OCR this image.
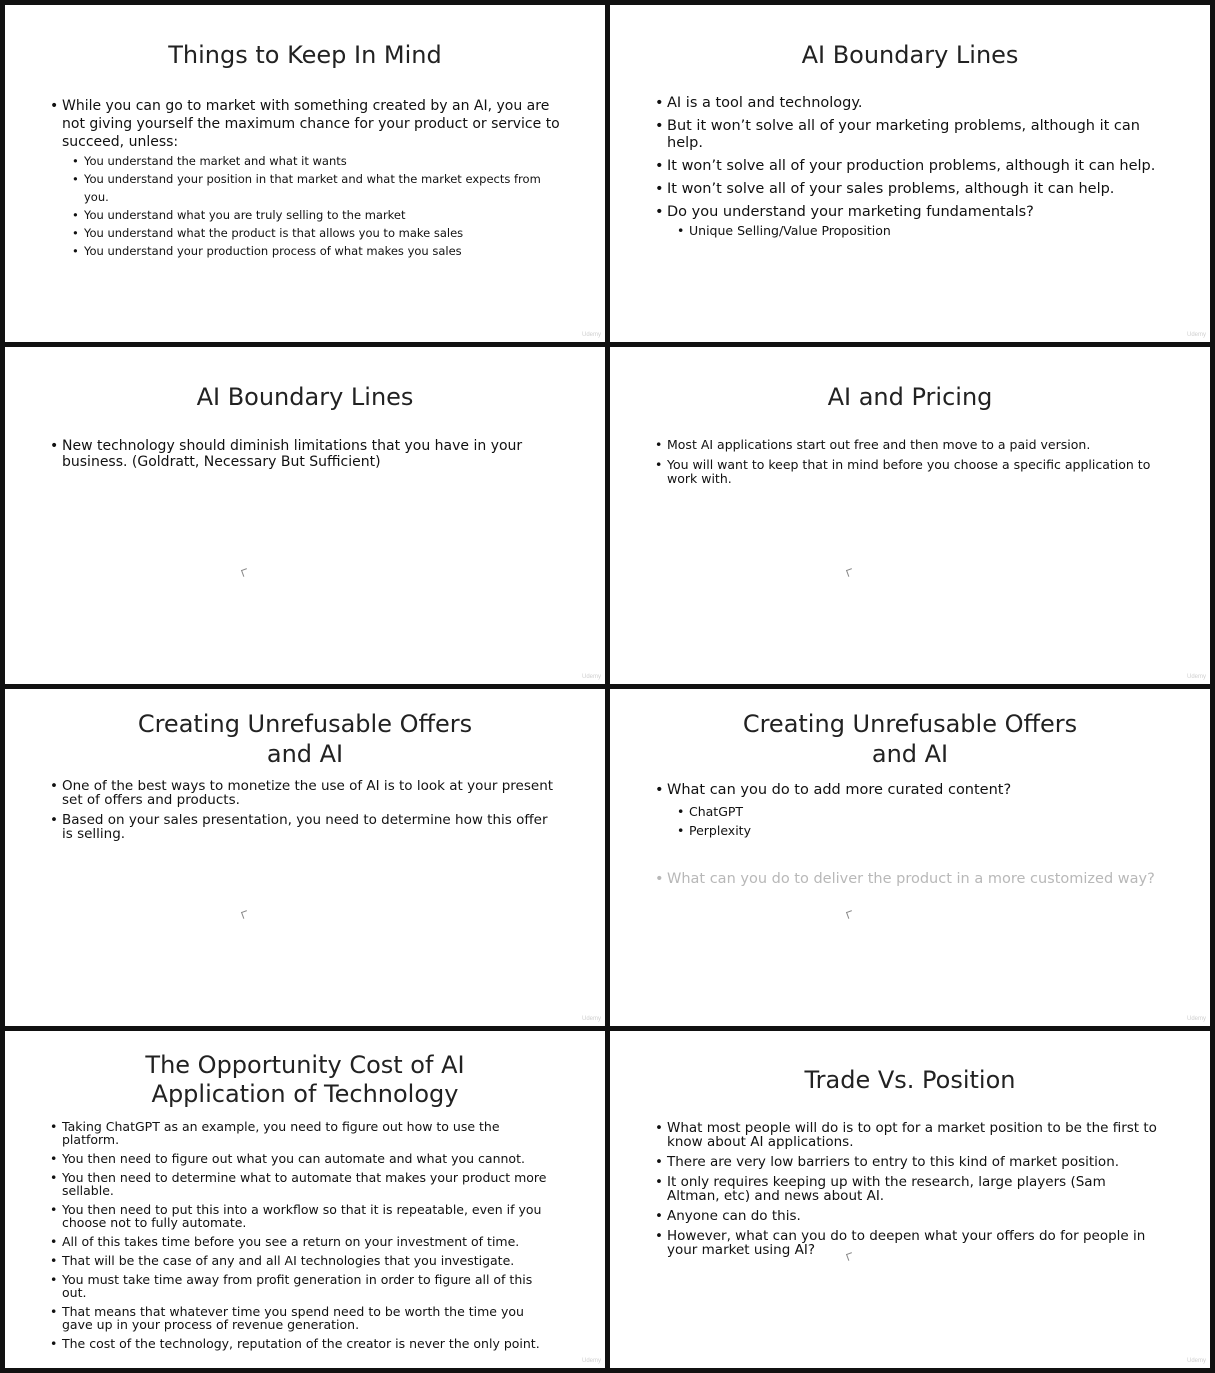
Things to Keep In Mind
• While you can go to market with something created by an AI, you are not giving yourself the maximum chance for your product or service to succeed, unless:
• You understand the market and what it wants
• You understand your position in that market and what the market expects from you.
• You understand what you are truly selling to the market
• You understand what the product is that allows you to make sales
• You understand your production process of what makes you sales
Udemy
AI Boundary Lines
• AI is a tool and technology.
• But it won’t solve all of your marketing problems, although it can help.
• It won’t solve all of your production problems, although it can help.
• It won’t solve all of your sales problems, although it can help.
• Do you understand your marketing fundamentals?
• Unique Selling/Value Proposition
Udemy
AI Boundary Lines
• New technology should diminish limitations that you have in your business. (Goldratt, Necessary But Sufficient)
Udemy
AI and Pricing
• Most AI applications start out free and then move to a paid version.
• You will want to keep that in mind before you choose a specific application to work with.
Udemy
Creating Unrefusable Offers
and AI
• One of the best ways to monetize the use of AI is to look at your present set of offers and products.
• Based on your sales presentation, you need to determine how this offer is selling.
Udemy
Creating Unrefusable Offers
and AI
• What can you do to add more curated content?
• ChatGPT
• Perplexity
• What can you do to deliver the product in a more customized way?
Udemy
The Opportunity Cost of AI
Application of Technology
• Taking ChatGPT as an example, you need to figure out how to use the platform.
• You then need to figure out what you can automate and what you cannot.
• You then need to determine what to automate that makes your product more sellable.
• You then need to put this into a workflow so that it is repeatable, even if you choose not to fully automate.
• All of this takes time before you see a return on your investment of time.
• That will be the case of any and all AI technologies that you investigate.
• You must take time away from profit generation in order to figure all of this out.
• That means that whatever time you spend need to be worth the time you gave up in your process of revenue generation.
• The cost of the technology, reputation of the creator is never the only point.
Udemy
Trade Vs. Position
• What most people will do is to opt for a market position to be the first to know about AI applications.
• There are very low barriers to entry to this kind of market position.
• It only requires keeping up with the research, large players (Sam Altman, etc) and news about AI.
• Anyone can do this.
• However, what can you do to deepen what your offers do for people in your market using AI?
Udemy
